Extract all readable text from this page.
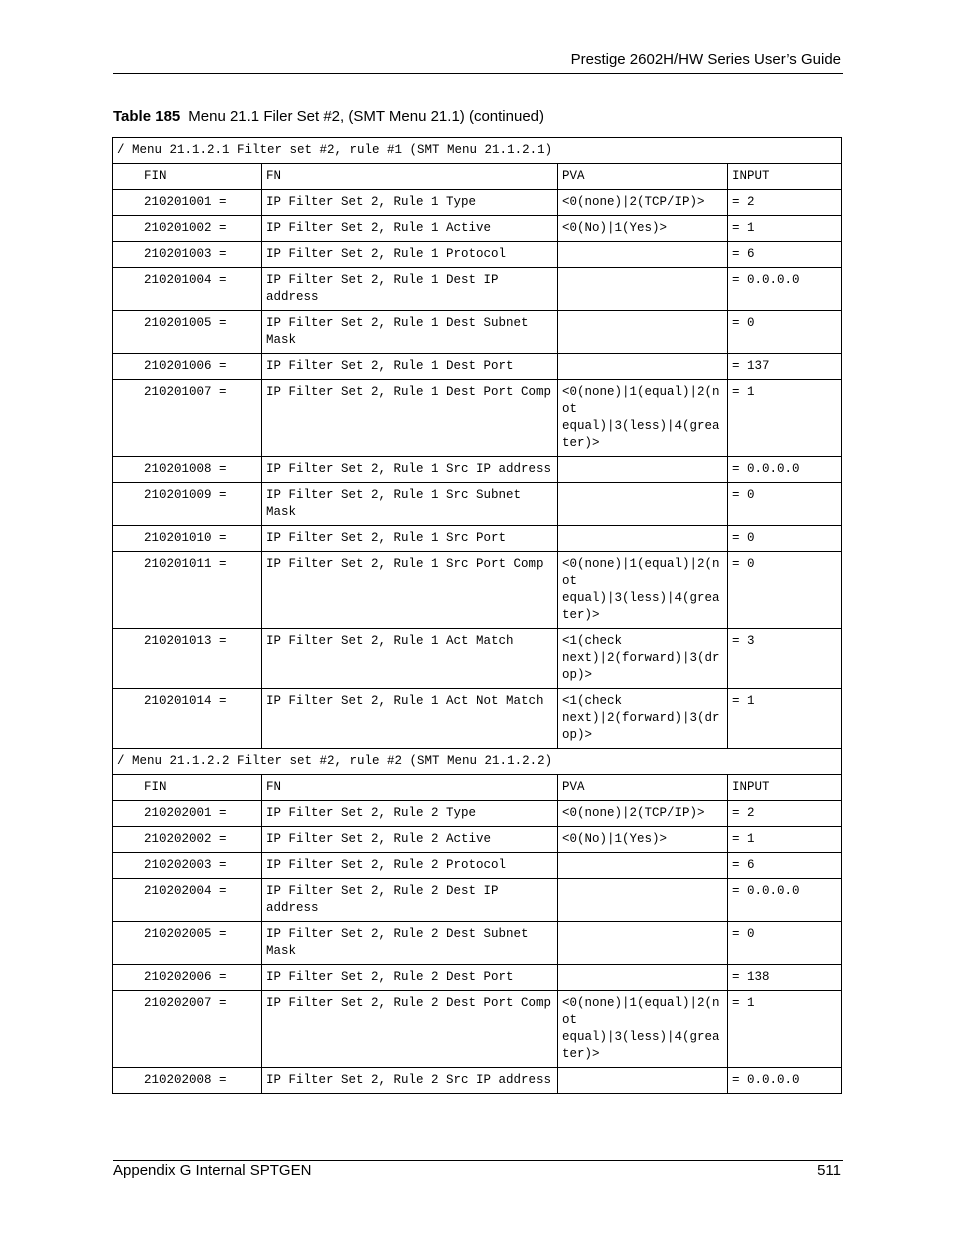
Prestige 2602H/HW Series User’s Guide
Table 185 Menu 21.1 Filer Set #2, (SMT Menu 21.1) (continued)
/ Menu 21.1.2.1 Filter set #2, rule #1 (SMT Menu 21.1.2.1)			
FIN	FN	PVA	INPUT
210201001 =	IP Filter Set 2, Rule 1 Type	<0(none)|2(TCP/IP)>	= 2
210201002 =	IP Filter Set 2, Rule 1 Active	<0(No)|1(Yes)>	= 1
210201003 =	IP Filter Set 2, Rule 1 Protocol		= 6
210201004 =	IP Filter Set 2, Rule 1 Dest IP address		= 0.0.0.0
210201005 =	IP Filter Set 2, Rule 1 Dest Subnet Mask		= 0
210201006 =	IP Filter Set 2, Rule 1 Dest Port		= 137
210201007 =	IP Filter Set 2, Rule 1 Dest Port Comp	<0(none)|1(equal)|2(not equal)|3(less)|4(greater)>	= 1
210201008 =	IP Filter Set 2, Rule 1 Src IP address		= 0.0.0.0
210201009 =	IP Filter Set 2, Rule 1 Src Subnet Mask		= 0
210201010 =	IP Filter Set 2, Rule 1 Src Port		= 0
210201011 =	IP Filter Set 2, Rule 1 Src Port Comp	<0(none)|1(equal)|2(not equal)|3(less)|4(greater)>	= 0
210201013 =	IP Filter Set 2, Rule 1 Act Match	<1(check next)|2(forward)|3(drop)>	= 3
210201014 =	IP Filter Set 2, Rule 1 Act Not Match	<1(check next)|2(forward)|3(drop)>	= 1
/ Menu 21.1.2.2 Filter set #2, rule #2 (SMT Menu 21.1.2.2)			
FIN	FN	PVA	INPUT
210202001 =	IP Filter Set 2, Rule 2 Type	<0(none)|2(TCP/IP)>	= 2
210202002 =	IP Filter Set 2, Rule 2 Active	<0(No)|1(Yes)>	= 1
210202003 =	IP Filter Set 2, Rule 2 Protocol		= 6
210202004 =	IP Filter Set 2, Rule 2 Dest IP address		= 0.0.0.0
210202005 =	IP Filter Set 2, Rule 2 Dest Subnet Mask		= 0
210202006 =	IP Filter Set 2, Rule 2 Dest Port		= 138
210202007 =	IP Filter Set 2, Rule 2 Dest Port Comp	<0(none)|1(equal)|2(not equal)|3(less)|4(greater)>	= 1
210202008 =	IP Filter Set 2, Rule 2 Src IP address		= 0.0.0.0
Appendix G Internal SPTGEN	511
